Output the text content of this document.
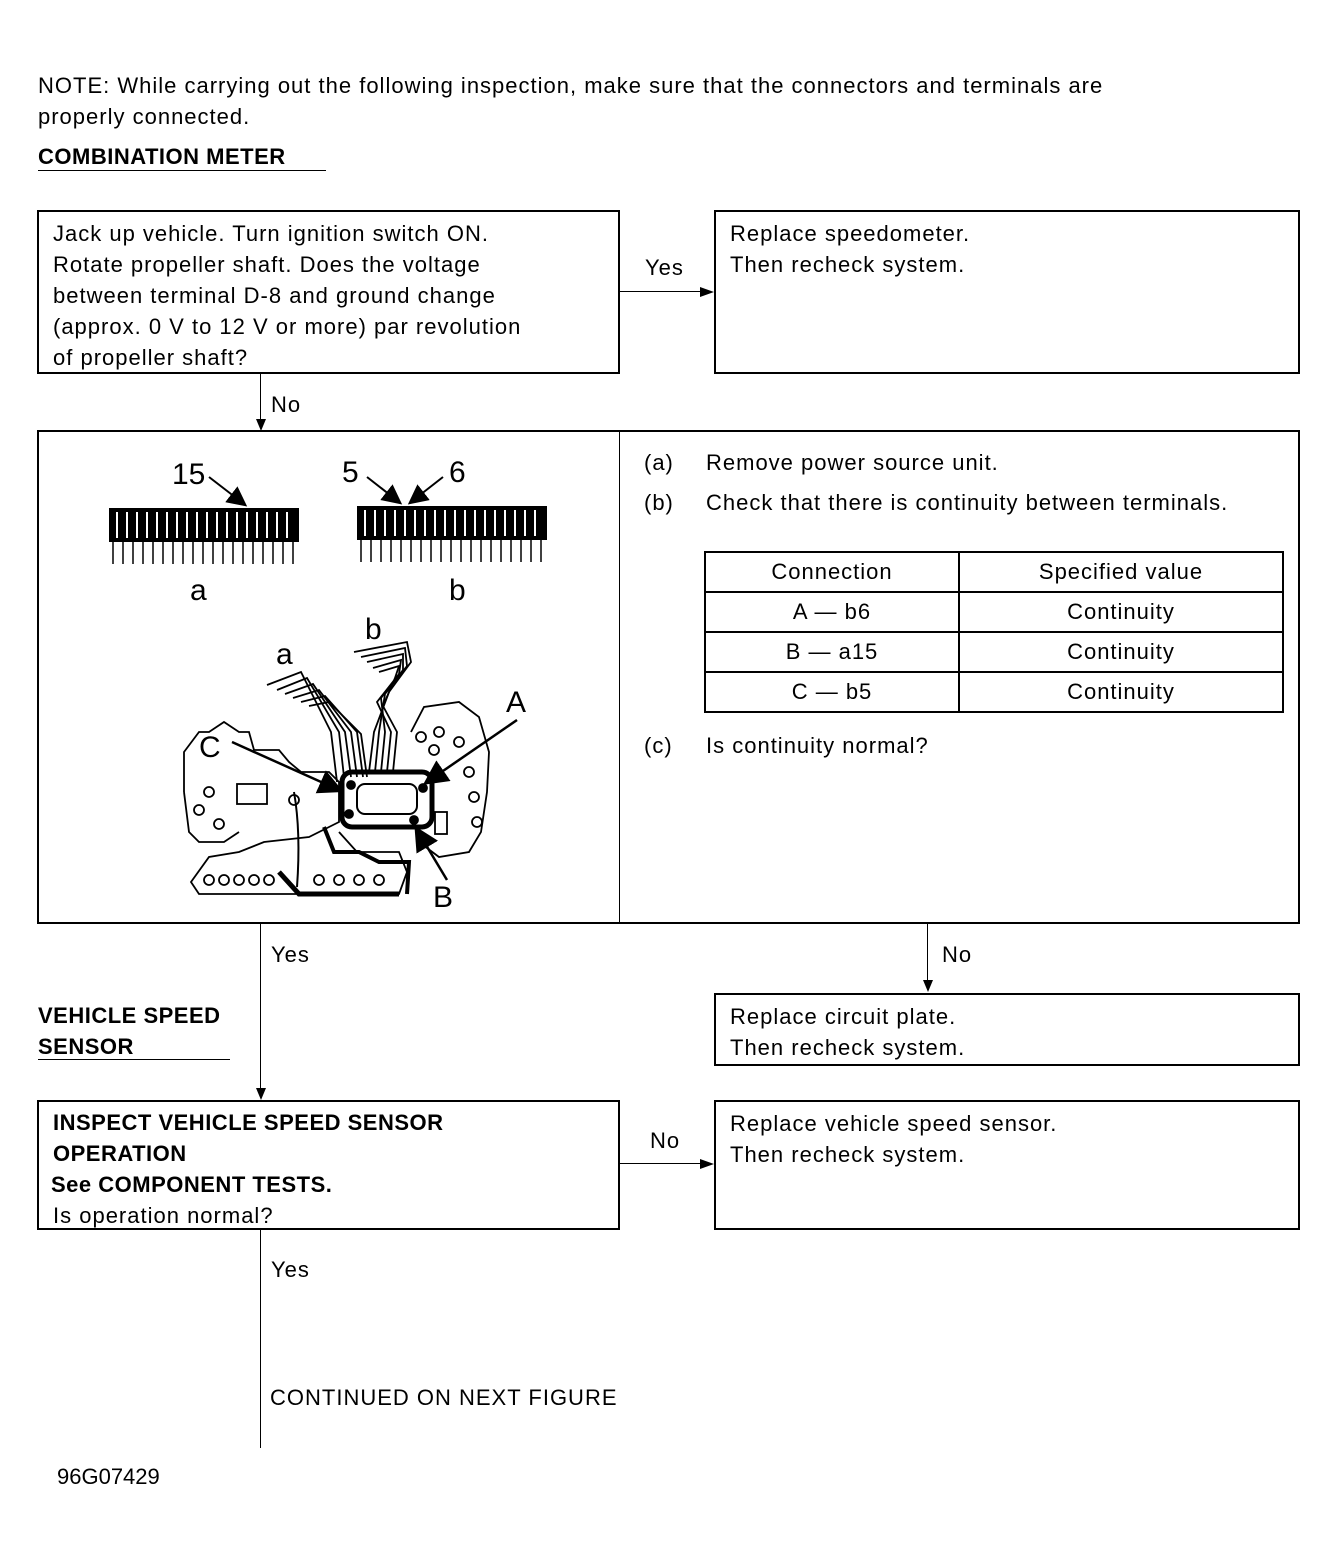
NOTE: While carrying out the following inspection, make sure that the connectors and terminals are
properly connected.
COMBINATION METER
Jack up vehicle. Turn ignition switch ON.
Rotate propeller shaft. Does the voltage
between terminal D-8 and ground change
(approx. 0 V to 12 V or more) par revolution
of propeller shaft?
Yes
Replace speedometer.
Then recheck system.
No
15	5	6
a	b
a
b
A
C
B
(a) Remove power source unit.
(b) Check that there is continuity between terminals.
Connection	Specified value
A — b6	Continuity
B — a15	Continuity
C — b5	Continuity
(c) Is continuity normal?
Yes	No
Replace circuit plate.
Then recheck system.
VEHICLE SPEED
SENSOR
INSPECT VEHICLE SPEED SENSOR
OPERATION
See COMPONENT TESTS.
Is operation normal?
No
Replace vehicle speed sensor.
Then recheck system.
Yes
CONTINUED ON NEXT FIGURE
96G07429
